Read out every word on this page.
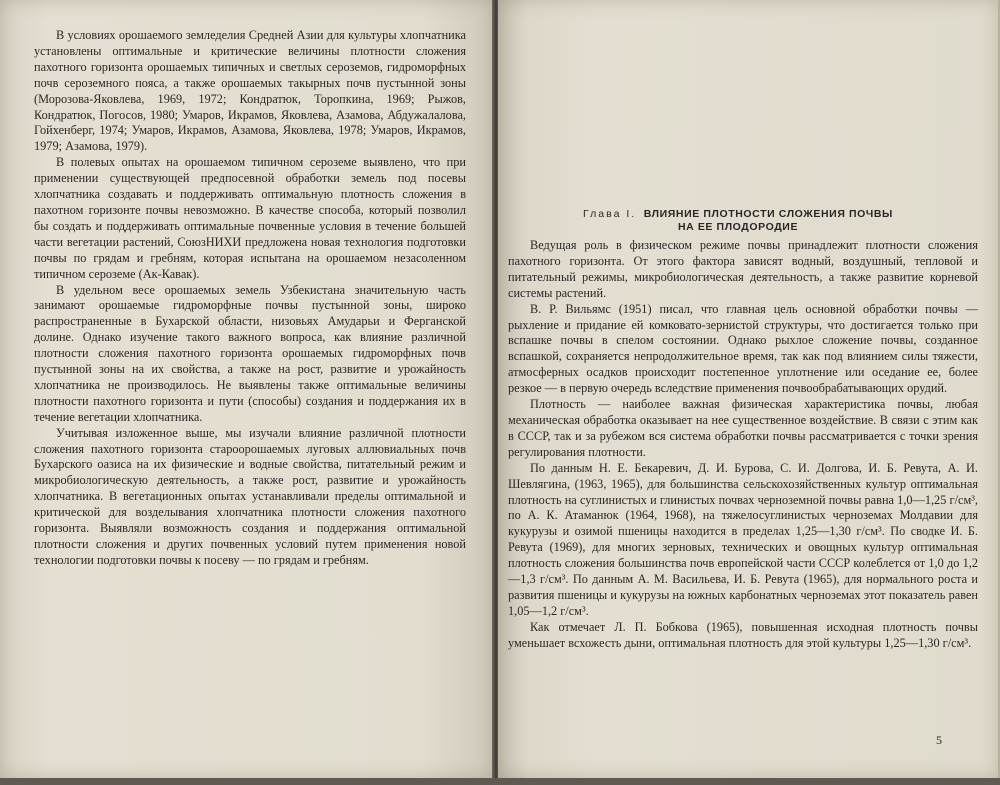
В условиях орошаемого земледелия Средней Азии для культуры хлопчатника установлены оптимальные и критические величины плотности сложения пахотного горизонта орошаемых типичных и светлых сероземов, гидроморфных почв сероземного пояса, а также орошаемых такырных почв пустынной зоны (Морозова-Яковлева, 1969, 1972; Кондратюк, Торопкина, 1969; Рыжов, Кондратюк, Погосов, 1980; Умаров, Икрамов, Яковлева, Азамова, Абдужалалова, Гойхенберг, 1974; Умаров, Икрамов, Азамова, Яковлева, 1978; Умаров, Икрамов, 1979; Азамова, 1979).

В полевых опытах на орошаемом типичном сероземе выявлено, что при применении существующей предпосевной обработки земель под посевы хлопчатника создавать и поддерживать оптимальную плотность сложения в пахотном горизонте почвы невозможно. В качестве способа, который позволил бы создать и поддерживать оптимальные почвенные условия в течение большей части вегетации растений, СоюзНИХИ предложена новая технология подготовки почвы по грядам и гребням, которая испытана на орошаемом незасоленном типичном сероземе (Ак-Кавак).

В удельном весе орошаемых земель Узбекистана значительную часть занимают орошаемые гидроморфные почвы пустынной зоны, широко распространенные в Бухарской области, низовьях Амударьи и Ферганской долине. Однако изучение такого важного вопроса, как влияние различной плотности сложения пахотного горизонта орошаемых гидроморфных почв пустынной зоны на их свойства, а также на рост, развитие и урожайность хлопчатника не производилось. Не выявлены также оптимальные величины плотности пахотного горизонта и пути (способы) создания и поддержания их в течение вегетации хлопчатника.

Учитывая изложенное выше, мы изучали влияние различной плотности сложения пахотного горизонта староорошаемых луговых аллювиальных почв Бухарского оазиса на их физические и водные свойства, питательный режим и микробиологическую деятельность, а также рост, развитие и урожайность хлопчатника. В вегетационных опытах устанавливали пределы оптимальной и критической для возделывания хлопчатника плотности сложения пахотного горизонта. Выявляли возможность создания и поддержания оптимальной плотности сложения и других почвенных условий путем применения новой технологии подготовки почвы к посеву — по грядам и гребням.

Глава I. ВЛИЯНИЕ ПЛОТНОСТИ СЛОЖЕНИЯ ПОЧВЫ
НА ЕЕ ПЛОДОРОДИЕ

Ведущая роль в физическом режиме почвы принадлежит плотности сложения пахотного горизонта. От этого фактора зависят водный, воздушный, тепловой и питательный режимы, микробиологическая деятельность, а также развитие корневой системы растений.

В. Р. Вильямс (1951) писал, что главная цель основной обработки почвы — рыхление и придание ей комковато-зернистой структуры, что достигается только при вспашке почвы в спелом состоянии. Однако рыхлое сложение почвы, созданное вспашкой, сохраняется непродолжительное время, так как под влиянием силы тяжести, атмосферных осадков происходит постепенное уплотнение или оседание ее, более резкое — в первую очередь вследствие применения почвообрабатывающих орудий.

Плотность — наиболее важная физическая характеристика почвы, любая механическая обработка оказывает на нее существенное воздействие. В связи с этим как в СССР, так и за рубежом вся система обработки почвы рассматривается с точки зрения регулирования плотности.

По данным Н. Е. Бекаревич, Д. И. Бурова, С. И. Долгова, И. Б. Ревута, А. И. Шевлягина, (1963, 1965), для большинства сельскохозяйственных культур оптимальная плотность на суглинистых и глинистых почвах черноземной почвы равна 1,0—1,25 г/см³, по А. К. Атаманюк (1964, 1968), на тяжелосуглинистых черноземах Молдавии для кукурузы и озимой пшеницы находится в пределах 1,25—1,30 г/см³. По сводке И. Б. Ревута (1969), для многих зерновых, технических и овощных культур оптимальная плотность сложения большинства почв европейской части СССР колеблется от 1,0 до 1,2—1,3 г/см³. По данным А. М. Васильева, И. Б. Ревута (1965), для нормального роста и развития пшеницы и кукурузы на южных карбонатных черноземах этот показатель равен 1,05—1,2 г/см³.

Как отмечает Л. П. Бобкова (1965), повышенная исходная плотность почвы уменьшает всхожесть дыни, оптимальная плотность для этой культуры 1,25—1,30 г/см³.

5
